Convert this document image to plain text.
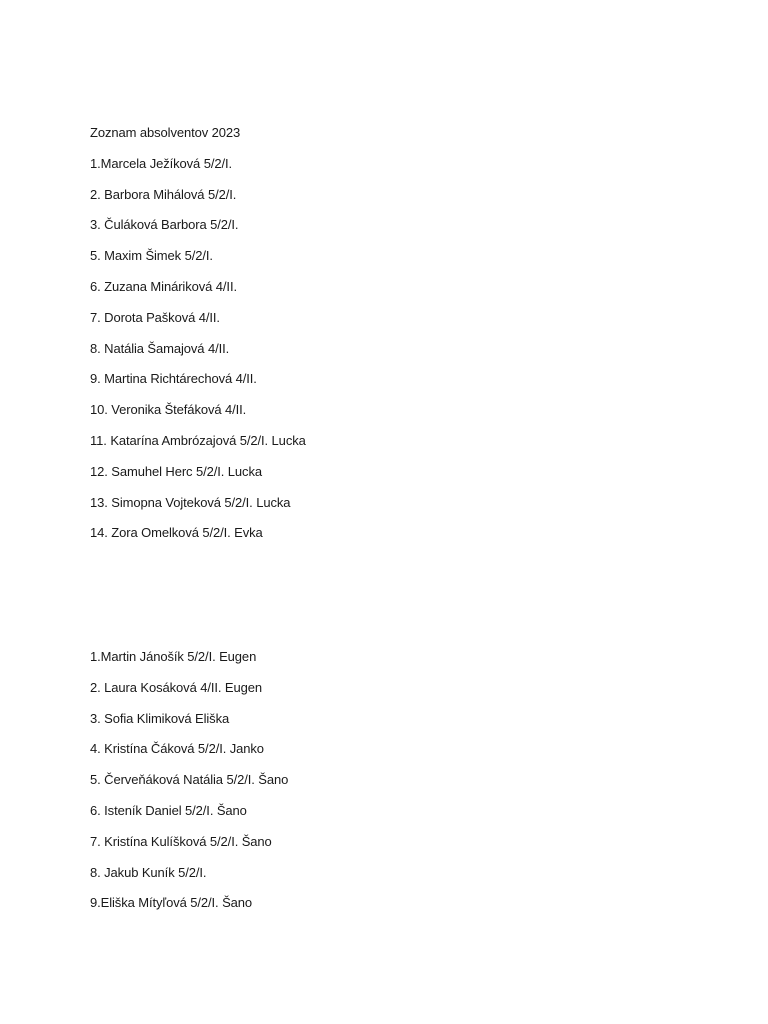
Zoznam absolventov 2023
1.Marcela Ježíková 5/2/I.
2. Barbora Mihálová 5/2/I.
3. Čuláková Barbora 5/2/I.
5. Maxim Šimek 5/2/I.
6. Zuzana Mináriková 4/II.
7. Dorota Pašková 4/II.
8. Natália Šamajová 4/II.
9. Martina Richtárechová 4/II.
10. Veronika Štefáková 4/II.
11. Katarína Ambrózajová 5/2/I. Lucka
12. Samuhel Herc 5/2/I. Lucka
13. Simopna Vojteková 5/2/I. Lucka
14. Zora Omelková 5/2/I. Evka
1.Martin Jánošík 5/2/I. Eugen
2. Laura Kosáková 4/II. Eugen
3. Sofia Klimiková Eliška
4. Kristína Čáková 5/2/I. Janko
5. Červeňáková Natália 5/2/I. Šano
6. Isteník Daniel 5/2/I. Šano
7. Kristína Kulíšková 5/2/I. Šano
8. Jakub Kuník 5/2/I.
9.Eliška Mítyľová 5/2/I. Šano
